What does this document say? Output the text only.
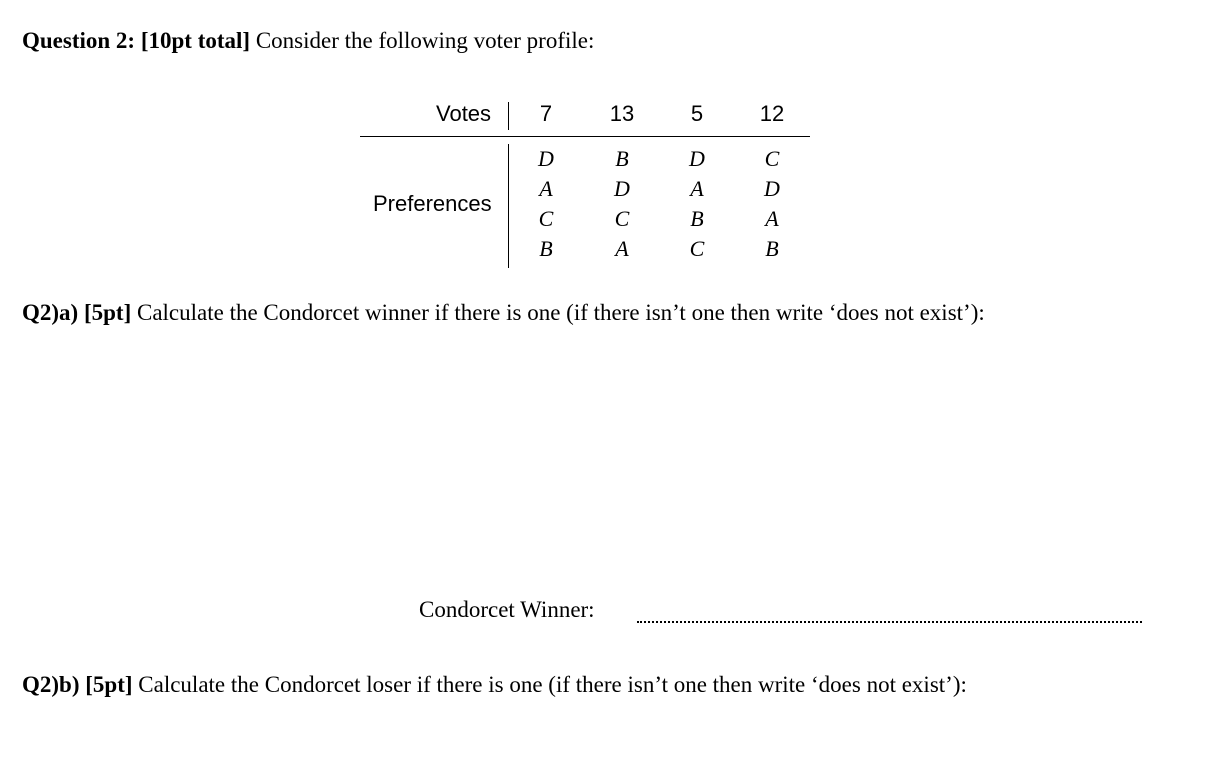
Question 2: [10pt total] Consider the following voter profile:
Votes
Preferences
7
D
A
C
B
13
B
D
C
A
5
D
A
B
C
12
C
D
A
B
Q2)a) [5pt] Calculate the Condorcet winner if there is one (if there isn’t one then write ‘does not exist’):
Condorcet Winner:
Q2)b) [5pt] Calculate the Condorcet loser if there is one (if there isn’t one then write ‘does not exist’):
